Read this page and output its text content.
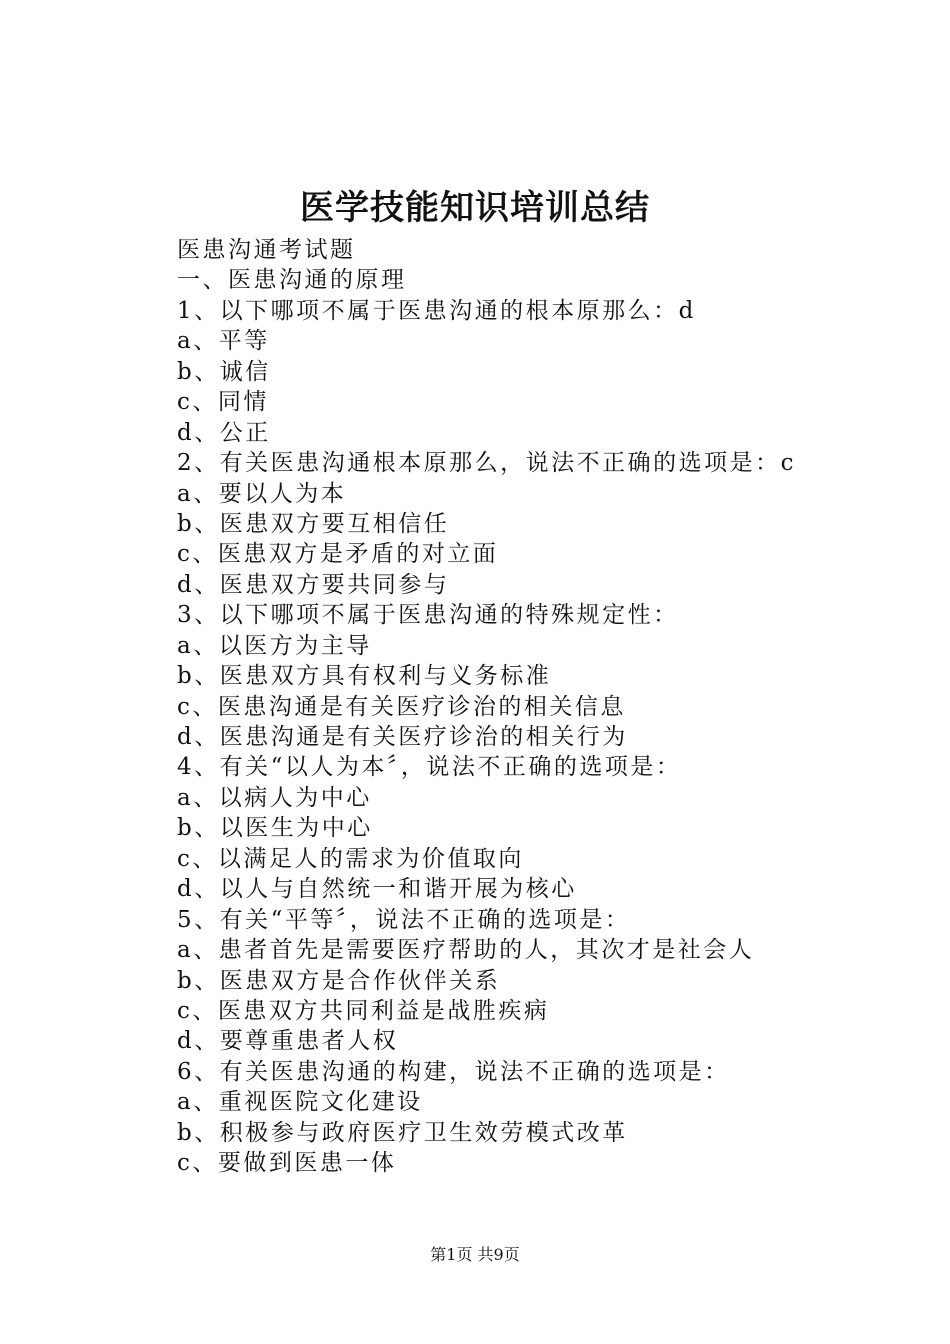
医学技能知识培训总结
医患沟通考试题
一、医患沟通的原理
1、以下哪项不属于医患沟通的根本原那么：d
a、平等
b、诚信
c、同情
d、公正
2、有关医患沟通根本原那么，说法不正确的选项是：c
a、要以人为本
b、医患双方要互相信任
c、医患双方是矛盾的对立面
d、医患双方要共同参与
3、以下哪项不属于医患沟通的特殊规定性：
a、以医方为主导
b、医患双方具有权利与义务标准
c、医患沟通是有关医疗诊治的相关信息
d、医患沟通是有关医疗诊治的相关行为
4、有关“以人为本〞，说法不正确的选项是：
a、以病人为中心
b、以医生为中心
c、以满足人的需求为价值取向
d、以人与自然统一和谐开展为核心
5、有关“平等〞，说法不正确的选项是：
a、患者首先是需要医疗帮助的人，其次才是社会人
b、医患双方是合作伙伴关系
c、医患双方共同利益是战胜疾病
d、要尊重患者人权
6、有关医患沟通的构建，说法不正确的选项是：
a、重视医院文化建设
b、积极参与政府医疗卫生效劳模式改革
c、要做到医患一体
第1页 共9页
